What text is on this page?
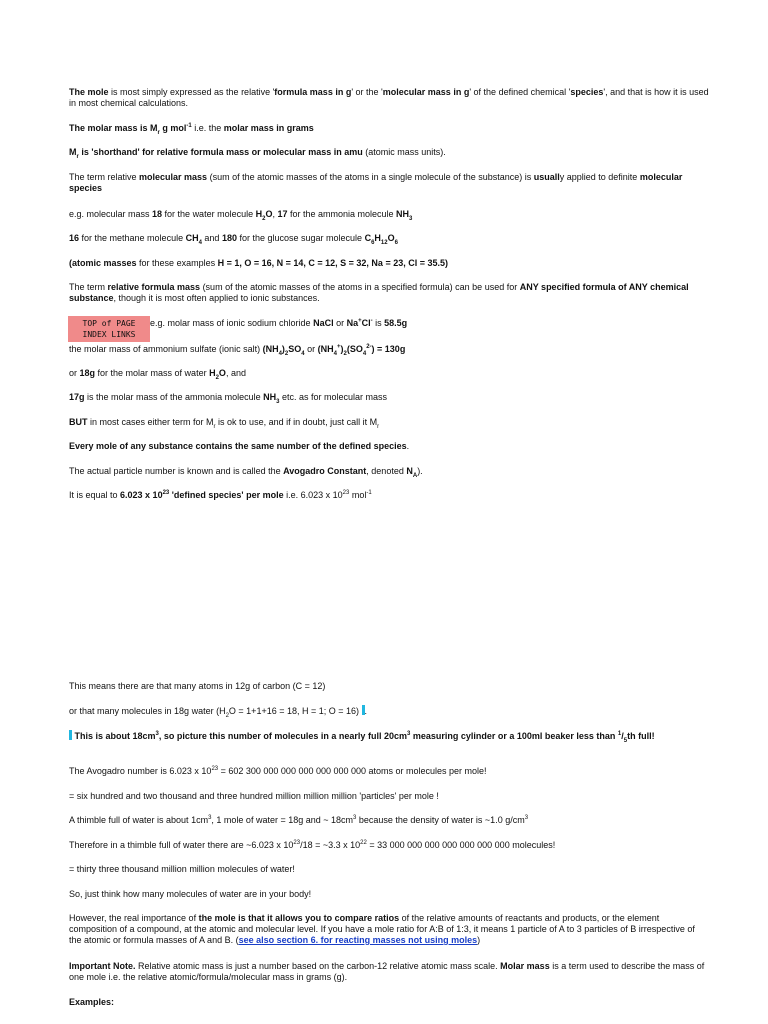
TOP of PAGE
INDEX LINKS

The mole is most simply expressed as the relative 'formula mass in g' or the 'molecular mass in g' of the defined chemical 'species', and that is how it is used in most chemical calculations.

The molar mass is $M_r$ g mol$^{-1}$ i.e. the molar mass in grams

$M_r$ is 'shorthand' for relative formula mass or molecular mass in amu (atomic mass units).

The term relative molecular mass (sum of the atomic masses of the atoms in a single molecule of the substance) is usually applied to definite molecular species

e.g. molecular mass 18 for the water molecule $H_2O$, 17 for the ammonia molecule $NH_3$

16 for the methane molecule $CH_4$ and 180 for the glucose sugar molecule $C_6H_{12}O_6$

(atomic masses for these examples H = 1, O = 16, N = 14, C = 12, S = 32, Na = 23, Cl = 35.5)

The term relative formula mass (sum of the atomic masses of the atoms in a specified formula) can be used for ANY specified formula of ANY chemical substance, though it is most often applied to ionic substances.

e.g. molar mass of ionic sodium chloride NaCl or Na+Cl- is 58.5g

the molar mass of ammonium sulfate (ionic salt) $(NH_4)_2SO_4$ or $(NH_4^+)_2(SO_4^{2-}) = 130g$

or 18g for the molar mass of water $H_2O$, and

17g is the molar mass of the ammonia molecule $NH_3$ etc. as for molecular mass

BUT in most cases either term for $M_r$ is ok to use, and if in doubt, just call it $M_r$

Every mole of any substance contains the same number of the defined species.

The actual particle number is known and is called the Avogadro Constant, denoted $N_A$).

It is equal to 6.023 x $10^{23}$ 'defined species' per mole i.e. 6.023 x $10^{23}$ mol$^{-1}$

This means there are that many atoms in 12g of carbon (C = 12)

or that many molecules in 18g water ($H_2O = 1+1+16 = 18$, H = 1; O = 16) .

This is about $18cm^3$, so picture this number of molecules in a nearly full $20cm^3$ measuring cylinder or a 100ml beaker less than $^1/_5th$ full!

The Avogadro number is 6.023 x $10^{23} = 602$ 300 000 000 000 000 000 000 atoms or molecules per mole!

= six hundred and two thousand and three hundred million million million 'particles' per mole !

A thimble full of water is about $1cm^3$, 1 mole of water = 18g and ~ $18cm^3$ because the density of water is ~1.0 $g/cm^3$

Therefore in a thimble full of water there are ~6.023 x $10^{23}/18$ = ~3.3 x $10^{22} = 33$ 000 000 000 000 000 000 000 molecules!

= thirty three thousand million million molecules of water!

So, just think how many molecules of water are in your body!

However, the real importance of the mole is that it allows you to compare ratios of the relative amounts of reactants and products, or the element composition of a compound, at the atomic and molecular level. If you have a mole ratio for A:B of 1:3, it means 1 particle of A to 3 particles of B irrespective of the atomic or formula masses of A and B. (see also section 6. for reacting masses not using moles)

Important Note. Relative atomic mass is just a number based on the carbon-12 relative atomic mass scale. Molar mass is a term used to describe the mass of one mole i.e. the relative atomic/formula/molecular mass in grams (g).

Examples:
